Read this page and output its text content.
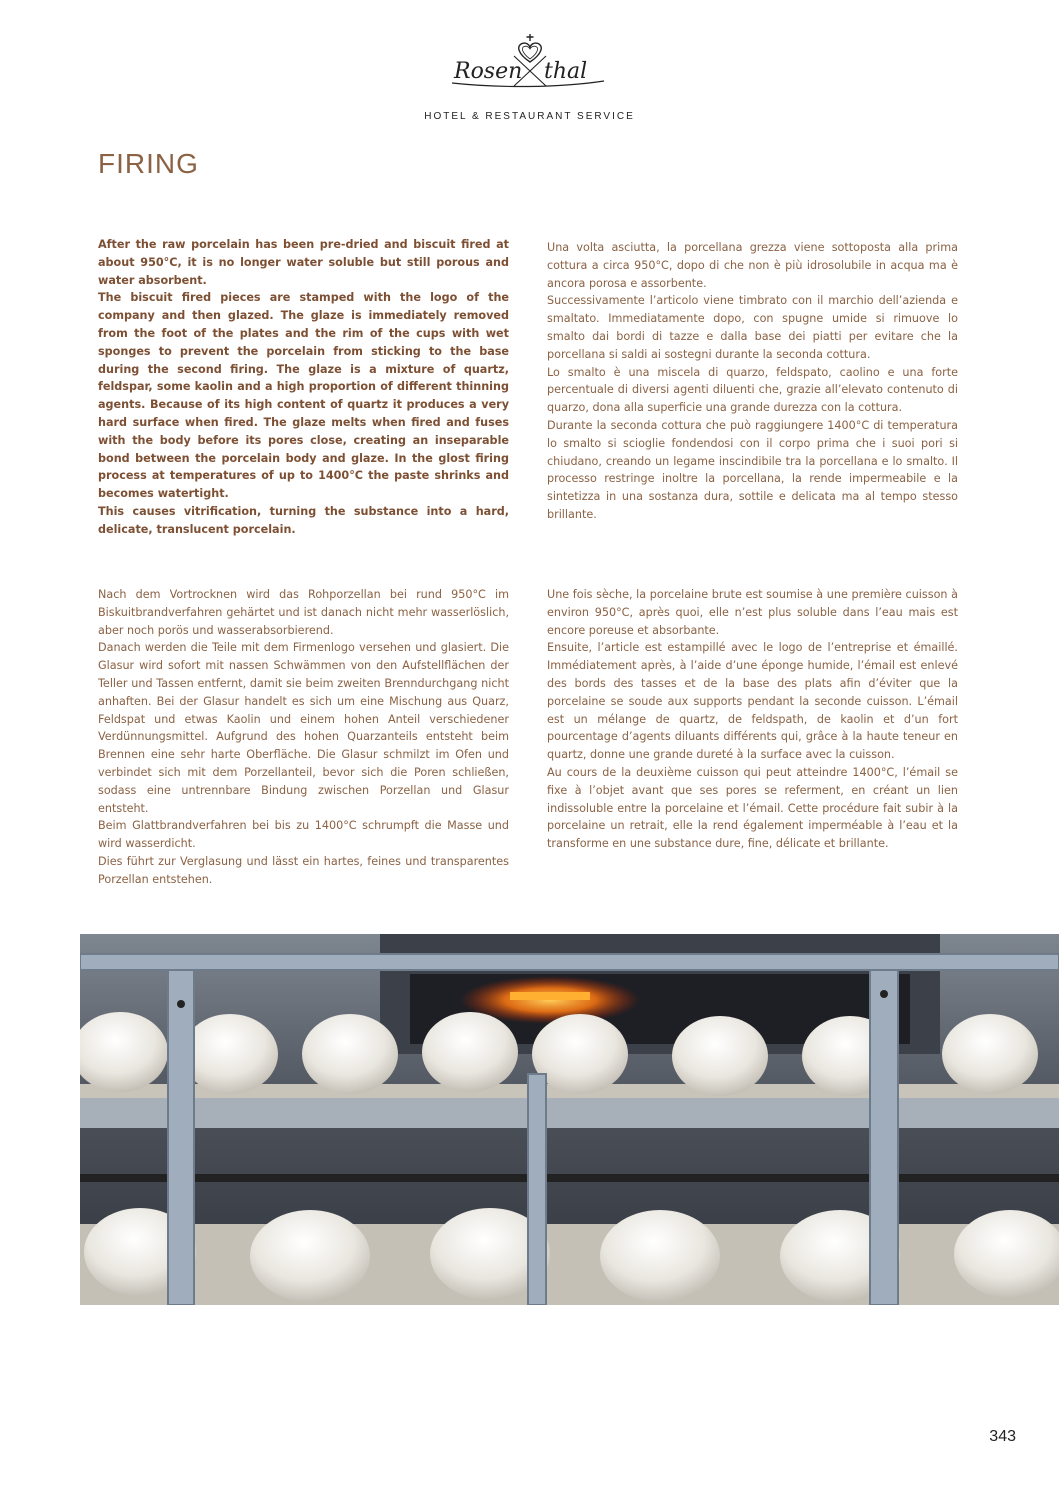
Rosen thal
HOTEL & RESTAURANT SERVICE
FIRING

After the raw porcelain has been pre-dried and biscuit fired at about 950°C, it is no longer water soluble but still porous and water absorbent.
The biscuit fired pieces are stamped with the logo of the company and then glazed. The glaze is immediately removed from the foot of the plates and the rim of the cups with wet sponges to prevent the porcelain from sticking to the base during the second firing. The glaze is a mixture of quartz, feldspar, some kaolin and a high proportion of different thinning agents. Because of its high content of quartz it produces a very hard surface when fired. The glaze melts when fired and fuses with the body before its pores close, creating an inseparable bond between the porcelain body and glaze. In the glost firing process at temperatures of up to 1400°C the paste shrinks and becomes watertight.
This causes vitrification, turning the substance into a hard, delicate, translucent porcelain.

Una volta asciutta, la porcellana grezza viene sottoposta alla prima cottura a circa 950°C, dopo di che non è più idrosolubile in acqua ma è ancora porosa e assorbente.
Successivamente l’articolo viene timbrato con il marchio dell’azienda e smaltato. Immediatamente dopo, con spugne umide si rimuove lo smalto dai bordi di tazze e dalla base dei piatti per evitare che la porcellana si saldi ai sostegni durante la seconda cottura.
Lo smalto è una miscela di quarzo, feldspato, caolino e una forte percentuale di diversi agenti diluenti che, grazie all’elevato contenuto di quarzo, dona alla superficie una grande durezza con la cottura.
Durante la seconda cottura che può raggiungere 1400°C di temperatura lo smalto si scioglie fondendosi con il corpo prima che i suoi pori si chiudano, creando un legame inscindibile tra la porcellana e lo smalto. Il processo restringe inoltre la porcellana, la rende impermeabile e la sintetizza in una sostanza dura, sottile e delicata ma al tempo stesso brillante.

Nach dem Vortrocknen wird das Rohporzellan bei rund 950°C im Biskuitbrandverfahren gehärtet und ist danach nicht mehr wasserlöslich, aber noch porös und wasserabsorbierend.
Danach werden die Teile mit dem Firmenlogo versehen und glasiert. Die Glasur wird sofort mit nassen Schwämmen von den Aufstellflächen der Teller und Tassen entfernt, damit sie beim zweiten Brenndurchgang nicht anhaften. Bei der Glasur handelt es sich um eine Mischung aus Quarz, Feldspat und etwas Kaolin und einem hohen Anteil verschiedener Verdünnungsmittel. Aufgrund des hohen Quarzanteils entsteht beim Brennen eine sehr harte Oberfläche. Die Glasur schmilzt im Ofen und verbindet sich mit dem Porzellanteil, bevor sich die Poren schließen, sodass eine untrennbare Bindung zwischen Porzellan und Glasur entsteht.
Beim Glattbrandverfahren bei bis zu 1400°C schrumpft die Masse und wird wasserdicht.
Dies führt zur Verglasung und lässt ein hartes, feines und transparentes Porzellan entstehen.

Une fois sèche, la porcelaine brute est soumise à une première cuisson à environ 950°C, après quoi, elle n’est plus soluble dans l’eau mais est encore poreuse et absorbante.
Ensuite, l’article est estampillé avec le logo de l’entreprise et émaillé. Immédiatement après, à l’aide d’une éponge humide, l’émail est enlevé des bords des tasses et de la base des plats afin d’éviter que la porcelaine se soude aux supports pendant la seconde cuisson. L’émail est un mélange de quartz, de feldspath, de kaolin et d’un fort pourcentage d’agents diluants différents qui, grâce à la haute teneur en quartz, donne une grande dureté à la surface avec la cuisson.
Au cours de la deuxième cuisson qui peut atteindre 1400°C, l’émail se fixe à l’objet avant que ses pores se referment, en créant un lien indissoluble entre la porcelaine et l’émail. Cette procédure fait subir à la porcelaine un retrait, elle la rend également imperméable à l’eau et la transforme en une substance dure, fine, délicate et brillante.

343
